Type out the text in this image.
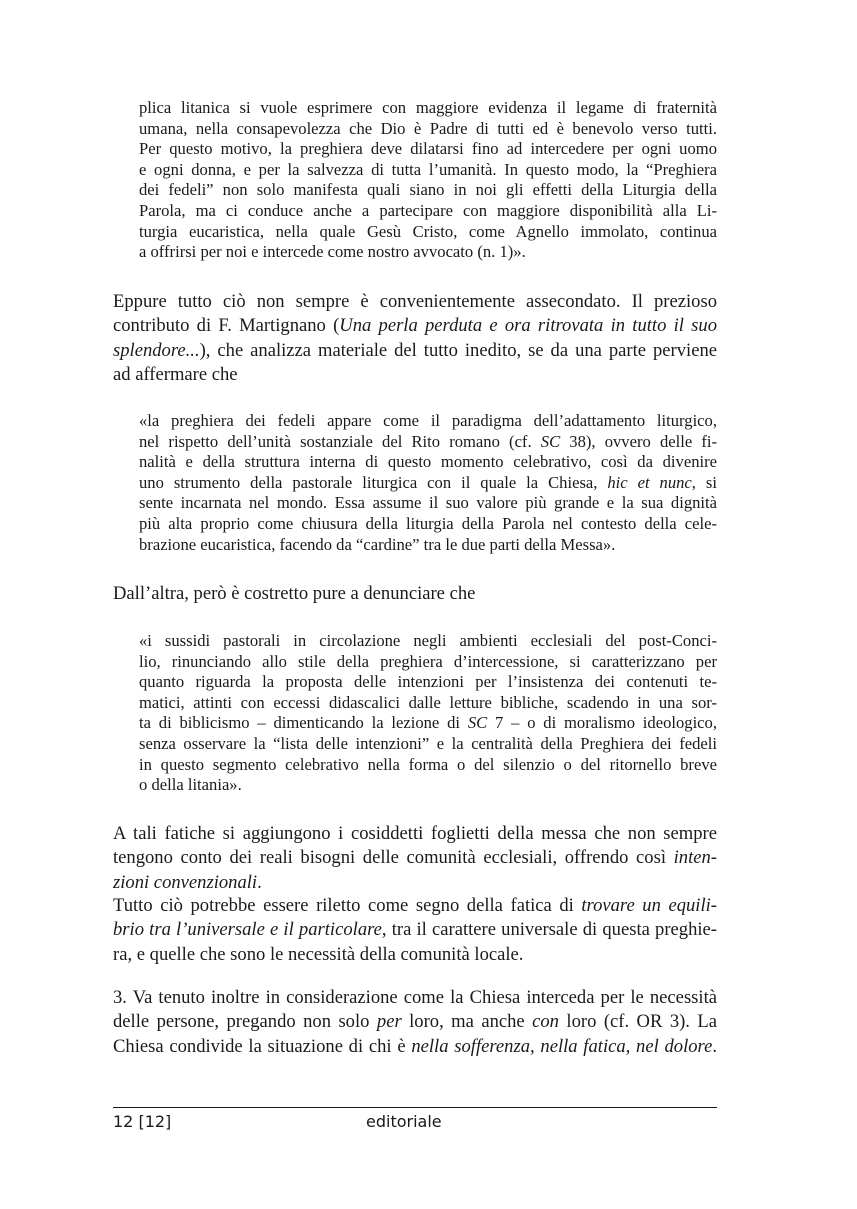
plica litanica si vuole esprimere con maggiore evidenza il legame di fraternità
umana, nella consapevolezza che Dio è Padre di tutti ed è benevolo verso tutti.
Per questo motivo, la preghiera deve dilatarsi fino ad intercedere per ogni uomo
e ogni donna, e per la salvezza di tutta l’umanità. In questo modo, la “Preghiera
dei fedeli” non solo manifesta quali siano in noi gli effetti della Liturgia della
Parola, ma ci conduce anche a partecipare con maggiore disponibilità alla Li-
turgia eucaristica, nella quale Gesù Cristo, come Agnello immolato, continua
a offrirsi per noi e intercede come nostro avvocato (n. 1)».
Eppure tutto ciò non sempre è convenientemente assecondato. Il prezioso
contributo di F. Martignano (Una perla perduta e ora ritrovata in tutto il suo
splendore...), che analizza materiale del tutto inedito, se da una parte perviene
ad affermare che
«la preghiera dei fedeli appare come il paradigma dell’adattamento liturgico,
nel rispetto dell’unità sostanziale del Rito romano (cf. SC 38), ovvero delle fi-
nalità e della struttura interna di questo momento celebrativo, così da divenire
uno strumento della pastorale liturgica con il quale la Chiesa, hic et nunc, si
sente incarnata nel mondo. Essa assume il suo valore più grande e la sua dignità
più alta proprio come chiusura della liturgia della Parola nel contesto della cele-
brazione eucaristica, facendo da “cardine” tra le due parti della Messa».
Dall’altra, però è costretto pure a denunciare che
«i sussidi pastorali in circolazione negli ambienti ecclesiali del post-Conci-
lio, rinunciando allo stile della preghiera d’intercessione, si caratterizzano per
quanto riguarda la proposta delle intenzioni per l’insistenza dei contenuti te-
matici, attinti con eccessi didascalici dalle letture bibliche, scadendo in una sor-
ta di biblicismo – dimenticando la lezione di SC 7 – o di moralismo ideologico,
senza osservare la “lista delle intenzioni” e la centralità della Preghiera dei fedeli
in questo segmento celebrativo nella forma o del silenzio o del ritornello breve
o della litania».
A tali fatiche si aggiungono i cosiddetti foglietti della messa che non sempre
tengono conto dei reali bisogni delle comunità ecclesiali, offrendo così inten-
zioni convenzionali.
Tutto ciò potrebbe essere riletto come segno della fatica di trovare un equili-
brio tra l’universale e il particolare, tra il carattere universale di questa preghie-
ra, e quelle che sono le necessità della comunità locale.
3. Va tenuto inoltre in considerazione come la Chiesa interceda per le necessità
delle persone, pregando non solo per loro, ma anche con loro (cf. OR 3). La
Chiesa condivide la situazione di chi è nella sofferenza, nella fatica, nel dolore.
12 [12]	editoriale
